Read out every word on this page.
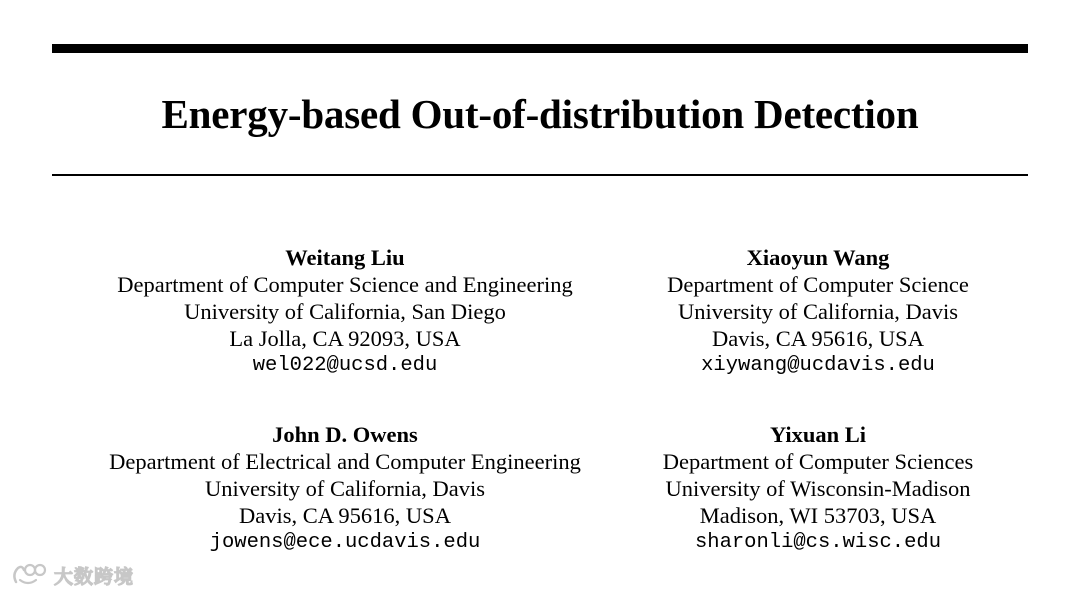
Energy-based Out-of-distribution Detection
Weitang Liu
Department of Computer Science and Engineering
University of California, San Diego
La Jolla, CA 92093, USA
wel022@ucsd.edu
Xiaoyun Wang
Department of Computer Science
University of California, Davis
Davis, CA 95616, USA
xiywang@ucdavis.edu
John D. Owens
Department of Electrical and Computer Engineering
University of California, Davis
Davis, CA 95616, USA
jowens@ece.ucdavis.edu
Yixuan Li
Department of Computer Sciences
University of Wisconsin-Madison
Madison, WI 53703, USA
sharonli@cs.wisc.edu
大数跨境
